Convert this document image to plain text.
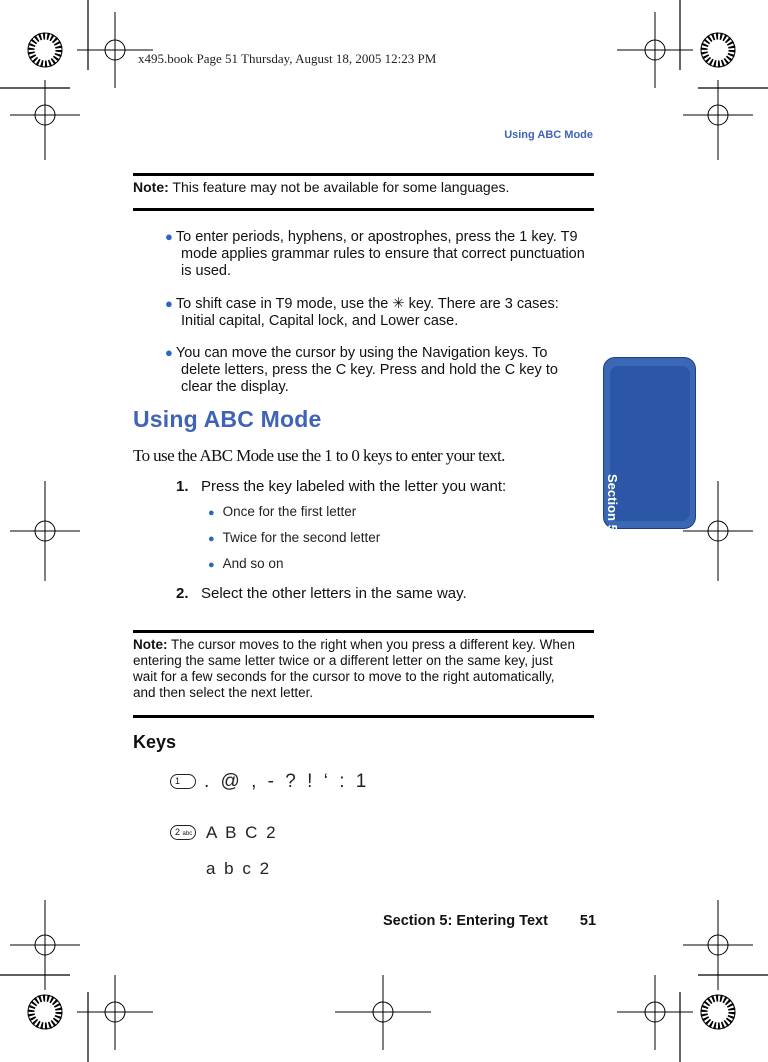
x495.book Page 51 Thursday, August 18, 2005 12:23 PM
Using ABC Mode
Section 5
Note: This feature may not be available for some languages.
● To enter periods, hyphens, or apostrophes, press the 1 key. T9
mode applies grammar rules to ensure that correct punctuation
is used.
● To shift case in T9 mode, use the ✳ key. There are 3 cases:
Initial capital, Capital lock, and Lower case.
● You can move the cursor by using the Navigation keys. To
delete letters, press the C key. Press and hold the C key to
clear the display.
Using ABC Mode
To use the ABC Mode use the 1 to 0 keys to enter your text.
1. Press the key labeled with the letter you want:
● Once for the first letter
● Twice for the second letter
● And so on
2. Select the other letters in the same way.
Note: The cursor moves to the right when you press a different key. When
entering the same letter twice or a different letter on the same key, just
wait for a few seconds for the cursor to move to the right automatically,
and then select the next letter.
Keys
1	. @ , - ? ! ‘ : 1
2 abc A B C 2
a b c 2
Section 5: Entering Text 51
